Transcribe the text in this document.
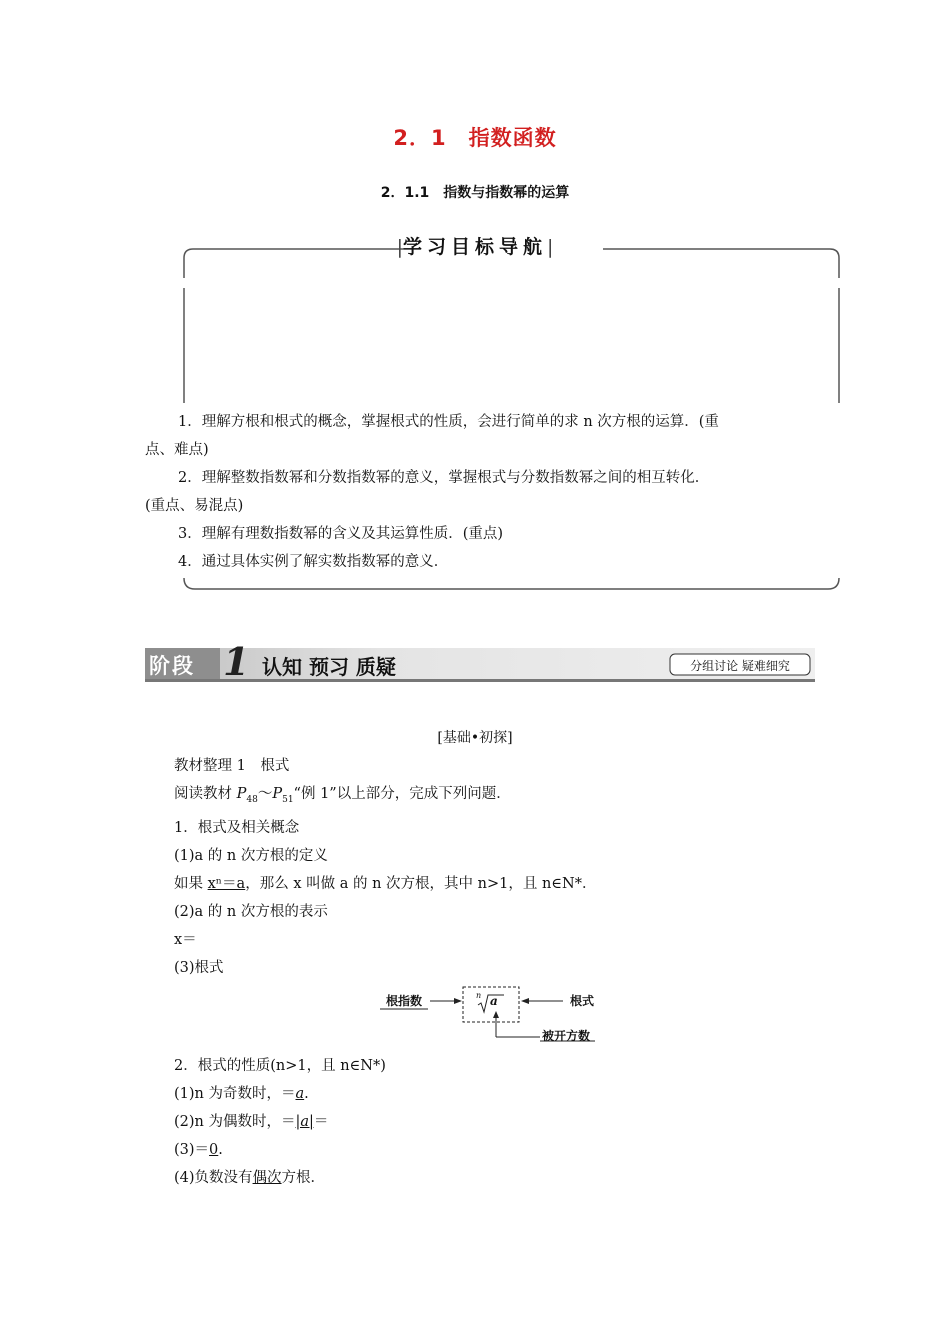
2．1　指数函数
2．1.1　指数与指数幂的运算
|学习目标导航|
1．理解方根和根式的概念，掌握根式的性质，会进行简单的求 n 次方根的运算．(重
点、难点)
2．理解整数指数幂和分数指数幂的意义，掌握根式与分数指数幂之间的相互转化．
(重点、易混点)
3．理解有理数指数幂的含义及其运算性质．(重点)
4．通过具体实例了解实数指数幂的意义．
阶段 1 认知 预习 质疑	分组讨论 疑难细究
[基础•初探]
教材整理 1　根式
阅读教材 $P_{48}\sim P_{51}“$例 1”以上部分，完成下列问题．
1．根式及相关概念
(1)a 的 n 次方根的定义
如果 xⁿ＝a，那么 x 叫做 a 的 n 次方根，其中 n>1，且 n∈N*．
(2)a 的 n 次方根的表示
x＝
(3)根式
根指数	n a	根式
被开方数
2．根式的性质(n>1，且 n∈N*)
(1)n 为奇数时，＝a.
(2)n 为偶数时，＝|a|＝
(3)＝0.
(4)负数没有偶次方根．
